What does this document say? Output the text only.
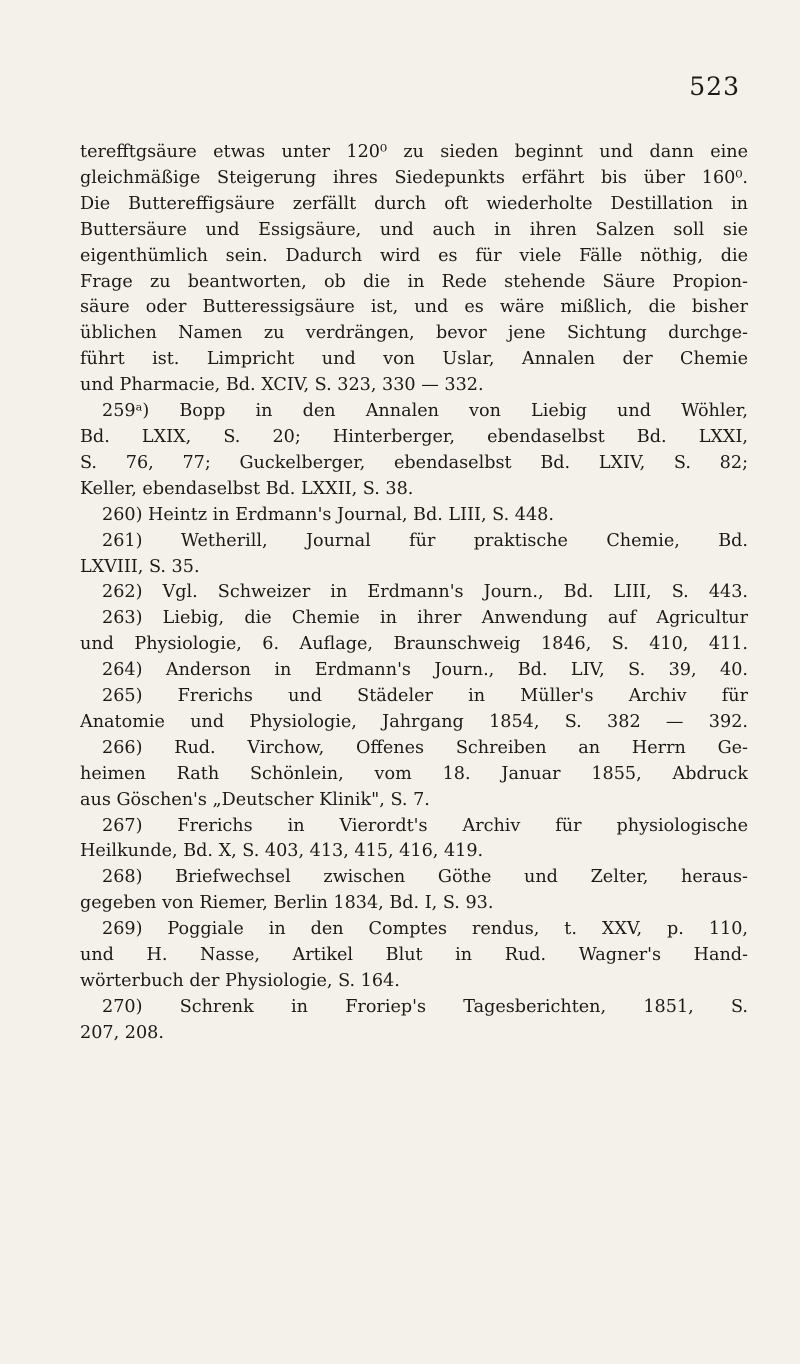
523
terefftgsäure etwas unter 120⁰ zu sieden beginnt und dann eine
gleichmäßige Steigerung ihres Siedepunkts erfährt bis über 160⁰.
Die Buttereffigsäure zerfällt durch oft wiederholte Destillation in
Buttersäure und Essigsäure, und auch in ihren Salzen soll sie
eigenthümlich sein. Dadurch wird es für viele Fälle nöthig, die
Frage zu beantworten, ob die in Rede stehende Säure Propion-
säure oder Butteressigsäure ist, und es wäre mißlich, die bisher
üblichen Namen zu verdrängen, bevor jene Sichtung durchge-
führt ist. Limpricht und von Uslar, Annalen der Chemie
und Pharmacie, Bd. XCIV, S. 323, 330 — 332.
259ᵃ) Bopp in den Annalen von Liebig und Wöhler,
Bd. LXIX, S. 20; Hinterberger, ebendaselbst Bd. LXXI,
S. 76, 77; Guckelberger, ebendaselbst Bd. LXIV, S. 82;
Keller, ebendaselbst Bd. LXXII, S. 38.
260) Heintz in Erdmann's Journal, Bd. LIII, S. 448.
261) Wetherill, Journal für praktische Chemie, Bd.
LXVIII, S. 35.
262) Vgl. Schweizer in Erdmann's Journ., Bd. LIII, S. 443.
263) Liebig, die Chemie in ihrer Anwendung auf Agricultur
und Physiologie, 6. Auflage, Braunschweig 1846, S. 410, 411.
264) Anderson in Erdmann's Journ., Bd. LIV, S. 39, 40.
265) Frerichs und Städeler in Müller's Archiv für
Anatomie und Physiologie, Jahrgang 1854, S. 382 — 392.
266) Rud. Virchow, Offenes Schreiben an Herrn Ge-
heimen Rath Schönlein, vom 18. Januar 1855, Abdruck
aus Göschen's „Deutscher Klinik", S. 7.
267) Frerichs in Vierordt's Archiv für physiologische
Heilkunde, Bd. X, S. 403, 413, 415, 416, 419.
268) Briefwechsel zwischen Göthe und Zelter, heraus-
gegeben von Riemer, Berlin 1834, Bd. I, S. 93.
269) Poggiale in den Comptes rendus, t. XXV, p. 110,
und H. Nasse, Artikel Blut in Rud. Wagner's Hand-
wörterbuch der Physiologie, S. 164.
270) Schrenk in Froriep's Tagesberichten, 1851, S.
207, 208.
